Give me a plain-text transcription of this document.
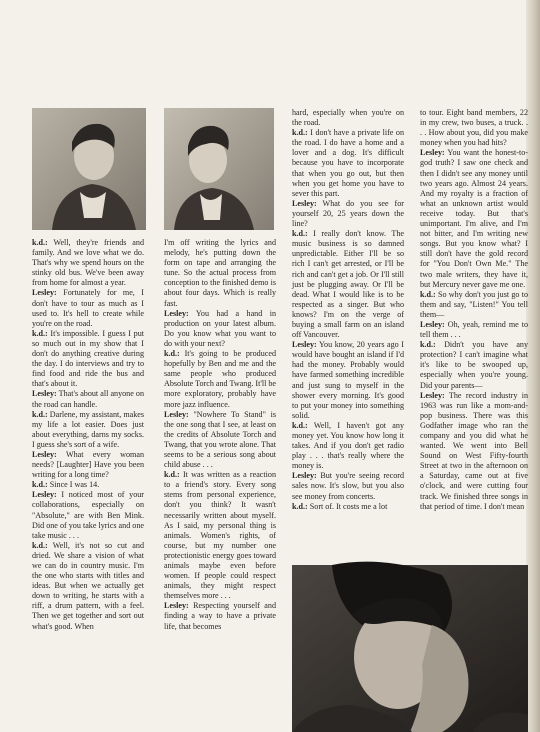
k.d.: Well, they're friends and family. And we love what we do. That's why we spend hours on the stinky old bus. We've been away from home for almost a year.

Lesley: Fortunately for me, I don't have to tour as much as I used to. It's hell to create while you're on the road.

k.d.: It's impossible. I guess I put so much out in my show that I don't do anything creative during the day. I do interviews and try to find food and ride the bus and that's about it.

Lesley: That's about all anyone on the road can handle.

k.d.: Darlene, my assistant, makes my life a lot easier. Does just about everything, darns my socks. I guess she's sort of a wife.

Lesley: What every woman needs? [Laughter] Have you been writing for a long time?

k.d.: Since I was 14.

Lesley: I noticed most of your collaborations, especially on "Absolute," are with Ben Mink. Did one of you take lyrics and one take music . . .

k.d.: Well, it's not so cut and dried. We share a vision of what we can do in country music. I'm the one who starts with titles and ideas. But when we actually get down to writing, he starts with a riff, a drum pattern, with a feel. Then we get together and sort out what's good. When

I'm off writing the lyrics and melody, he's putting down the form on tape and arranging the tune. So the actual process from conception to the finished demo is about four days. Which is really fast.

Lesley: You had a hand in production on your latest album. Do you know what you want to do with your next?

k.d.: It's going to be produced hopefully by Ben and me and the same people who produced Absolute Torch and Twang. It'll be more exploratory, probably have more jazz influence.

Lesley: "Nowhere To Stand" is the one song that I see, at least on the credits of Absolute Torch and Twang, that you wrote alone. That seems to be a serious song about child abuse . . .

k.d.: It was written as a reaction to a friend's story. Every song stems from personal experience, don't you think? It wasn't necessarily written about myself. As I said, my personal thing is animals. Women's rights, of course, but my number one protectionistic energy goes toward animals maybe even before women. If people could respect animals, they might respect themselves more . . .

Lesley: Respecting yourself and finding a way to have a private life, that becomes

hard, especially when you're on the road.

k.d.: I don't have a private life on the road. I do have a home and a lover and a dog. It's difficult because you have to incorporate that when you go out, but then when you get home you have to sever this part.

Lesley: What do you see for yourself 20, 25 years down the line?

k.d.: I really don't know. The music business is so damned unpredictable. Either I'll be so rich I can't get arrested, or I'll be rich and can't get a job. Or I'll still just be plugging away. Or I'll be dead. What I would like is to be respected as a singer. But who knows? I'm on the verge of buying a small farm on an island off Vancouver.

Lesley: You know, 20 years ago I would have bought an island if I'd had the money. Probably would have farmed something incredible and just sung to myself in the shower every morning. It's good to put your money into something solid.

k.d.: Well, I haven't got any money yet. You know how long it takes. And if you don't get radio play . . . that's really where the money is.

Lesley: But you're seeing record sales now. It's slow, but you also see money from concerts.

k.d.: Sort of. It costs me a lot

to tour. Eight band members, 22 in my crew, two buses, a truck. . . . How about you, did you make money when you had hits?

Lesley: You want the honest-to-god truth? I saw one check and then I didn't see any money until two years ago. Almost 24 years. And my royalty is a fraction of what an unknown artist would receive today. But that's unimportant. I'm alive, and I'm not bitter, and I'm writing new songs. But you know what? I still don't have the gold record for "You Don't Own Me." The two male writers, they have it, but Mercury never gave me one.

k.d.: So why don't you just go to them and say, "Listen!" You tell them—

Lesley: Oh, yeah, remind me to tell them . . .

k.d.: Didn't you have any protection? I can't imagine what it's like to be swooped up, especially when you're young. Did your parents—

Lesley: The record industry in 1963 was run like a mom-and-pop business. There was this Godfather image who ran the company and you did what he wanted. We went into Bell Sound on West Fifty-fourth Street at two in the afternoon on a Saturday, came out at five o'clock, and were cutting four track. We finished three songs in that period of time. I don't mean
